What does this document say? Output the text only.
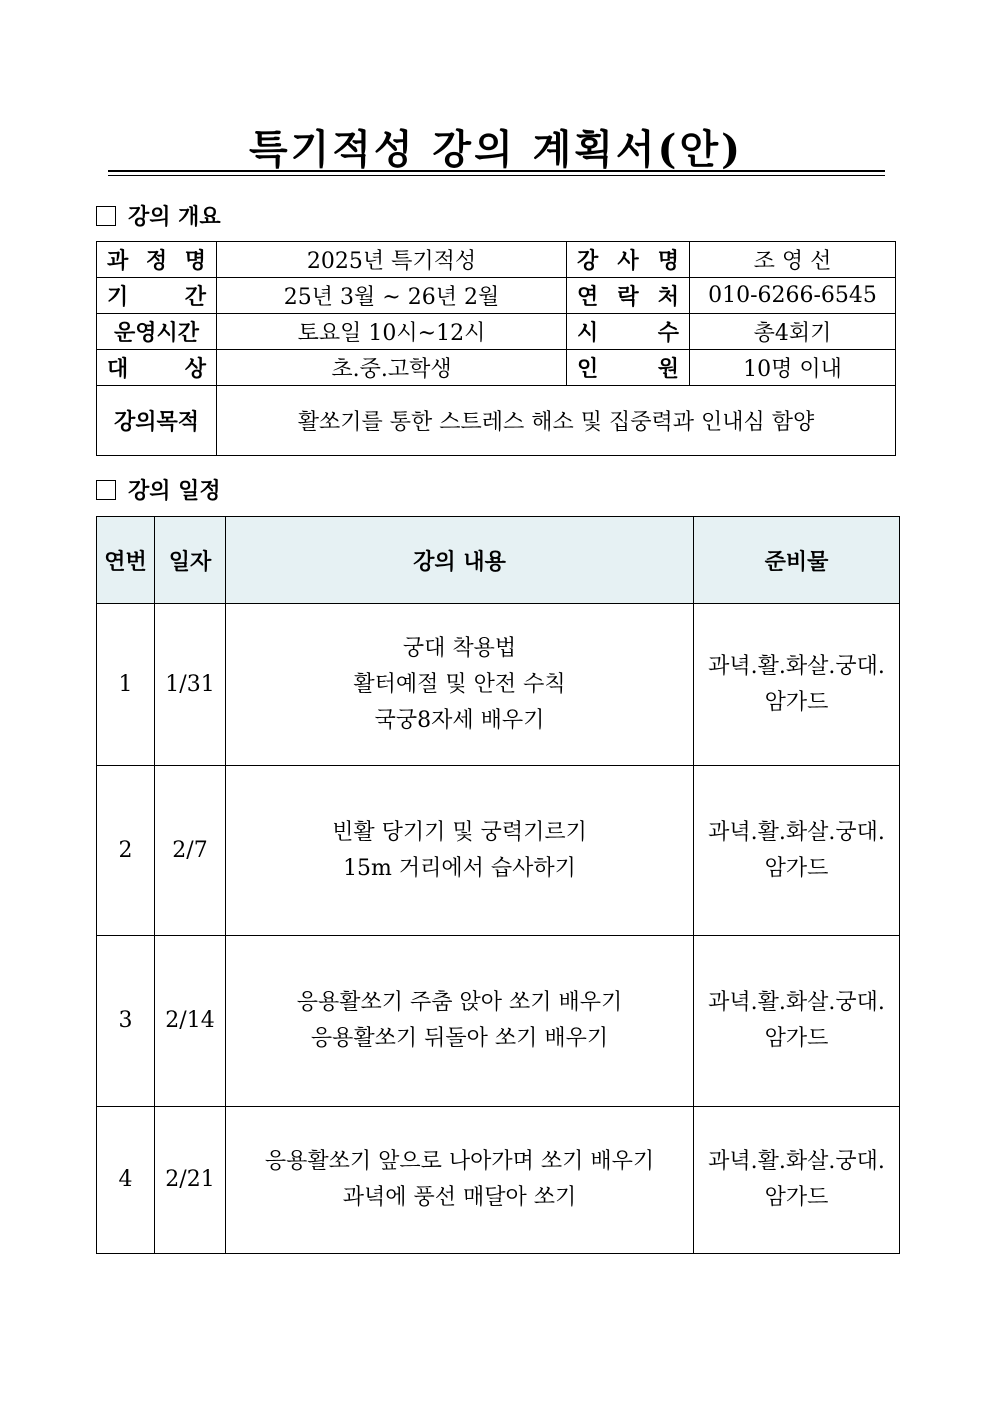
특기적성 강의 계획서(안)
강의 개요
과 정 명	2025년 특기적성	강 사 명	조 영 선

기 간	25년 3월 ~ 26년 2월	연 락 처	010-6266-6545
운영시간	토요일 10시~12시	시 수	총4회기

대 상	초.중.고학생	인 원	10명 이내
강의목적	활쏘기를 통한 스트레스 해소 및 집중력과 인내심 함양		
강의 일정
연번	일자	강의 내용	준비물
1	1/31	궁대 착용법
활터예절 및 안전 수칙
국궁8자세 배우기	과녁.활.화살.궁대.
암가드

2	2/7	빈활 당기기 및 궁력기르기
15m 거리에서 습사하기	과녁.활.화살.궁대.
암가드

3	2/14	응용활쏘기 주춤 앉아 쏘기 배우기
응용활쏘기 뒤돌아 쏘기 배우기	과녁.활.화살.궁대.
암가드

4	2/21	응용활쏘기 앞으로 나아가며 쏘기 배우기
과녁에 풍선 매달아 쏘기	과녁.활.화살.궁대.
암가드
